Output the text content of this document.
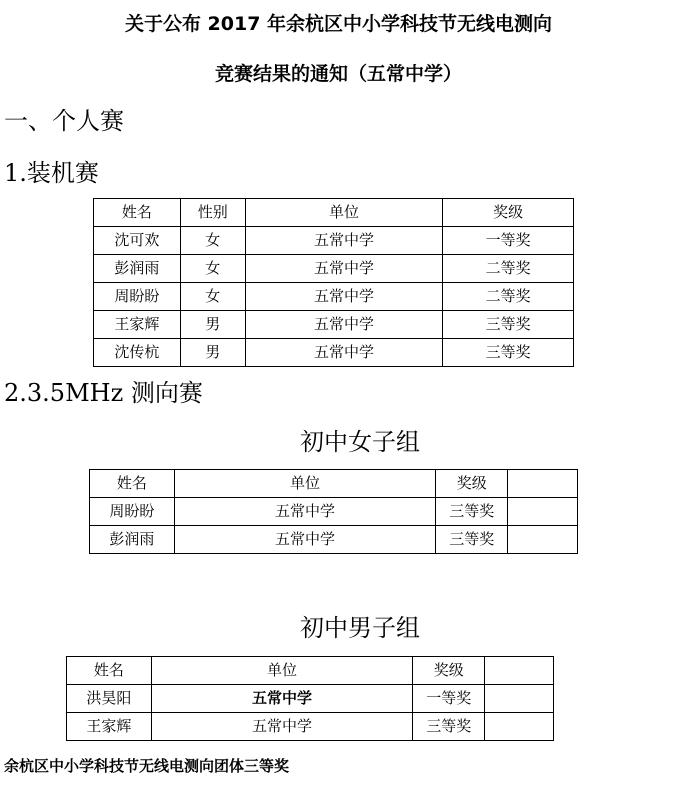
关于公布 2017 年余杭区中小学科技节无线电测向
竞赛结果的通知（五常中学）
一、个人赛
1.装机赛
姓名	性别	单位	奖级
沈可欢	女	五常中学	一等奖
彭润雨	女	五常中学	二等奖
周盼盼	女	五常中学	二等奖
王家辉	男	五常中学	三等奖
沈传杭	男	五常中学	三等奖
2.3.5MHz 测向赛
初中女子组
姓名	单位	奖级	
周盼盼	五常中学	三等奖	
彭润雨	五常中学	三等奖	
初中男子组
姓名	单位	奖级	
洪昊阳	五常中学	一等奖	
王家辉	五常中学	三等奖	
余杭区中小学科技节无线电测向团体三等奖
